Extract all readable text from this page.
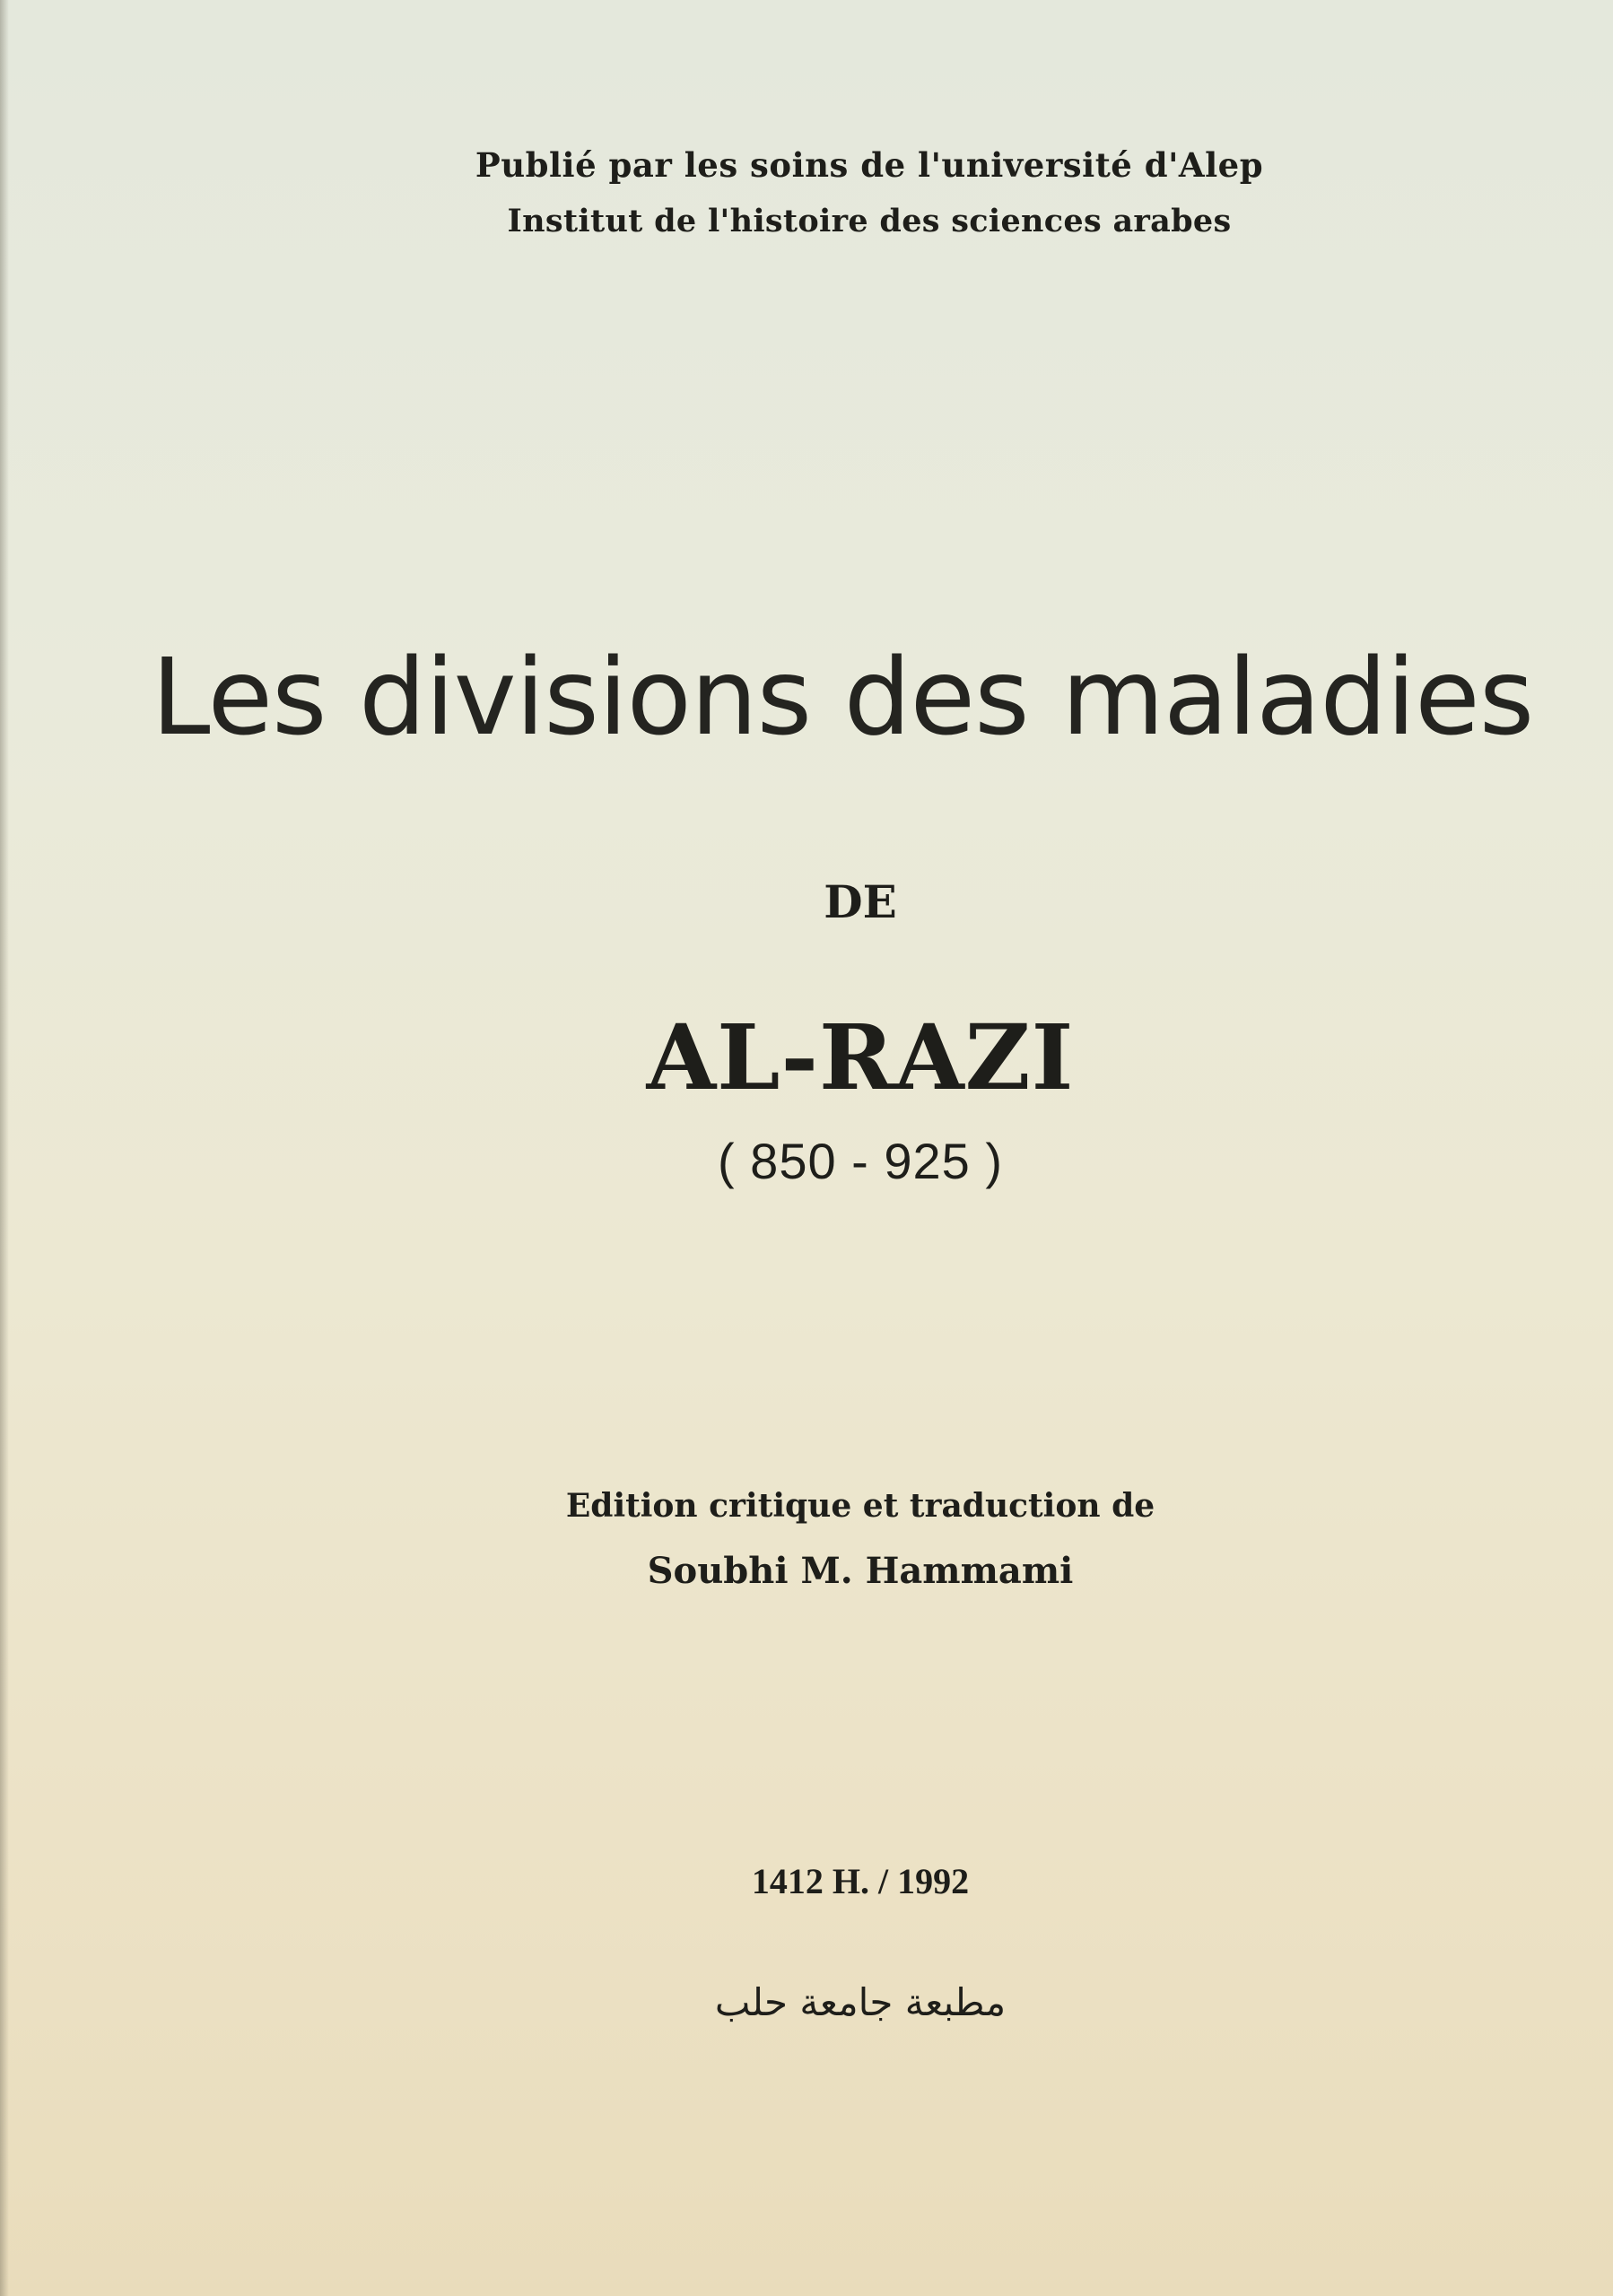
Publié par les soins de l'université d'Alep
Institut de l'histoire des sciences arabes
Les divisions des maladies
DE
AL-RAZI
( 850 - 925 )
Edition critique et traduction de
Soubhi M. Hammami
1412 H. / 1992
مطبعة جامعة حلب
